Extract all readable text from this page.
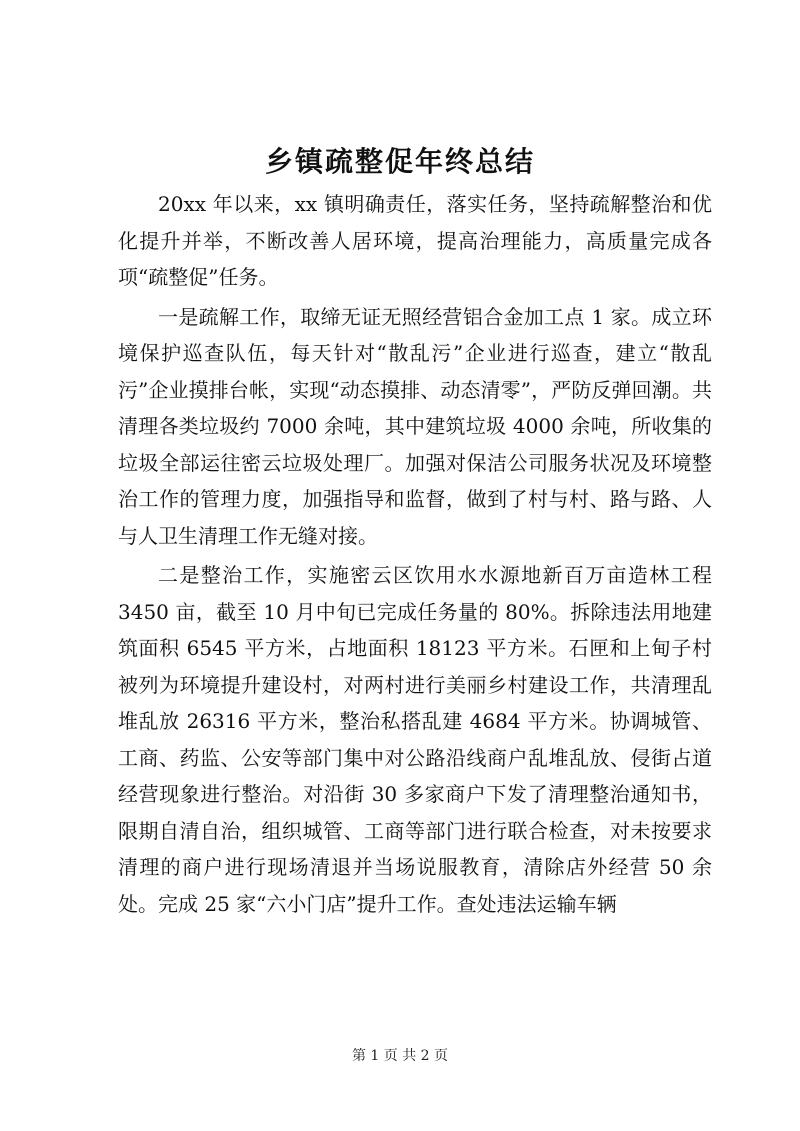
乡镇疏整促年终总结

20xx 年以来，xx 镇明确责任，落实任务，坚持疏解整治和优化提升并举，不断改善人居环境，提高治理能力，高质量完成各项“疏整促”任务。

一是疏解工作，取缔无证无照经营铝合金加工点 1 家。成立环境保护巡查队伍，每天针对“散乱污”企业进行巡查，建立“散乱污”企业摸排台帐，实现“动态摸排、动态清零”，严防反弹回潮。共清理各类垃圾约 7000 余吨，其中建筑垃圾 4000 余吨，所收集的垃圾全部运往密云垃圾处理厂。加强对保洁公司服务状况及环境整治工作的管理力度，加强指导和监督，做到了村与村、路与路、人与人卫生清理工作无缝对接。

二是整治工作，实施密云区饮用水水源地新百万亩造林工程 3450 亩，截至 10 月中旬已完成任务量的 80%。拆除违法用地建筑面积 6545 平方米，占地面积 18123 平方米。石匣和上甸子村被列为环境提升建设村，对两村进行美丽乡村建设工作，共清理乱堆乱放 26316 平方米，整治私搭乱建 4684 平方米。协调城管、工商、药监、公安等部门集中对公路沿线商户乱堆乱放、侵街占道经营现象进行整治。对沿街 30 多家商户下发了清理整治通知书，限期自清自治，组织城管、工商等部门进行联合检查，对未按要求清理的商户进行现场清退并当场说服教育，清除店外经营 50 余处。完成 25 家“六小门店”提升工作。查处违法运输车辆

第 1 页 共 2 页
